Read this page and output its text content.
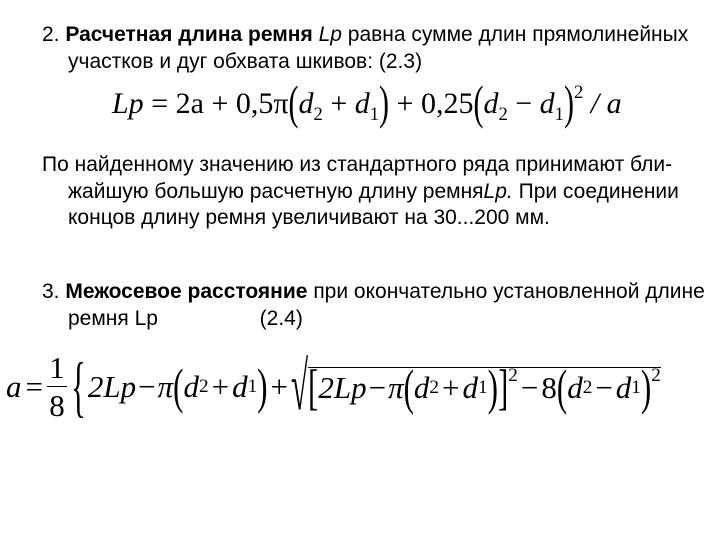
2. Расчетная длина ремня Lp равна сумме длин прямолинейных участков и дуг обхвата шкивов: (2.3)
$Lp = 2a + 0,5\pi(d_2 + d_1) + 0,25(d_2 - d_1)^2 / a$
По найденному значению из стандартного ряда принимают бли-жайшую большую расчетную длину ремняLp. При соединении концов длину ремня увеличивают на 30...200 мм.
3. Межосевое расстояние при окончательно установленной длине ремня Lp	(2.4)
a =
1
8 { 2Lp − π ( d 2 + d 1 ) + √ [ 2Lp − π ( d 2 + d 1 ) ]$^2$ − 8 ( d 2 − d 1 )$^2$
